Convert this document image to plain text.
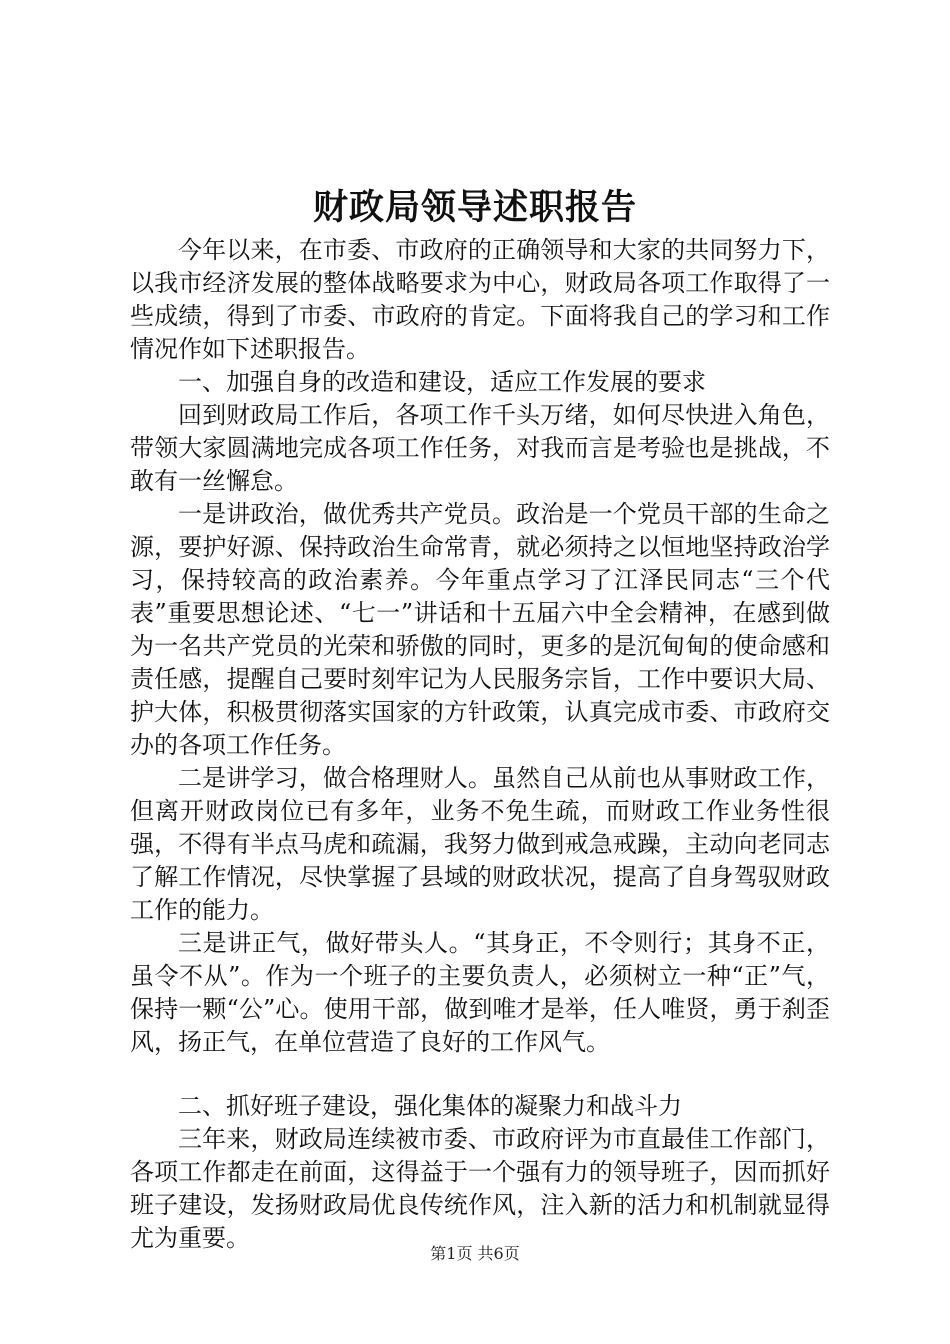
财政局领导述职报告

今年以来，在市委、市政府的正确领导和大家的共同努力下，以我市经济发展的整体战略要求为中心，财政局各项工作取得了一些成绩，得到了市委、市政府的肯定。下面将我自己的学习和工作情况作如下述职报告。

一、加强自身的改造和建设，适应工作发展的要求

回到财政局工作后，各项工作千头万绪，如何尽快进入角色，带领大家圆满地完成各项工作任务，对我而言是考验也是挑战，不敢有一丝懈怠。

一是讲政治，做优秀共产党员。政治是一个党员干部的生命之源，要护好源、保持政治生命常青，就必须持之以恒地坚持政治学习，保持较高的政治素养。今年重点学习了江泽民同志“三个代表”重要思想论述、“七一”讲话和十五届六中全会精神，在感到做为一名共产党员的光荣和骄傲的同时，更多的是沉甸甸的使命感和责任感，提醒自己要时刻牢记为人民服务宗旨，工作中要识大局、护大体，积极贯彻落实国家的方针政策，认真完成市委、市政府交办的各项工作任务。

二是讲学习，做合格理财人。虽然自己从前也从事财政工作，但离开财政岗位已有多年，业务不免生疏，而财政工作业务性很强，不得有半点马虎和疏漏，我努力做到戒急戒躁，主动向老同志了解工作情况，尽快掌握了县域的财政状况，提高了自身驾驭财政工作的能力。

三是讲正气，做好带头人。“其身正，不令则行；其身不正，虽令不从”。作为一个班子的主要负责人，必须树立一种“正”气，保持一颗“公”心。使用干部，做到唯才是举，任人唯贤，勇于刹歪风，扬正气，在单位营造了良好的工作风气。

二、抓好班子建设，强化集体的凝聚力和战斗力

三年来，财政局连续被市委、市政府评为市直最佳工作部门，各项工作都走在前面，这得益于一个强有力的领导班子，因而抓好班子建设，发扬财政局优良传统作风，注入新的活力和机制就显得尤为重要。

第1页 共6页
